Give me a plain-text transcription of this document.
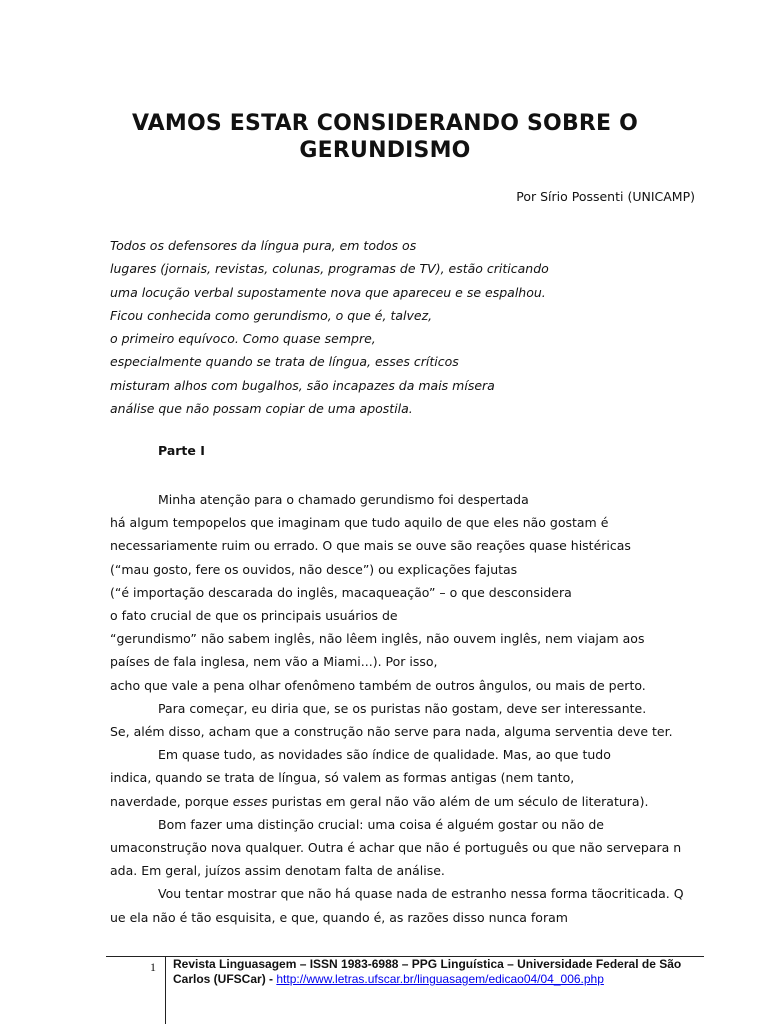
VAMOS ESTAR CONSIDERANDO SOBRE O GERUNDISMO
Por Sírio Possenti (UNICAMP)
Todos os defensores da língua pura, em todos os
lugares (jornais, revistas, colunas, programas de TV), estão criticando
uma locução verbal supostamente nova que apareceu e se espalhou.
Ficou conhecida como gerundismo, o que é, talvez,
o primeiro equívoco. Como quase sempre,
especialmente quando se trata de língua, esses críticos
misturam alhos com bugalhos, são incapazes da mais mísera
análise que não possam copiar de uma apostila.
Parte I
Minha atenção para o chamado gerundismo foi despertada
há algum tempopelos que imaginam que tudo aquilo de que eles não gostam é
necessariamente ruim ou errado. O que mais se ouve são reações quase histéricas
(“mau gosto, fere os ouvidos, não desce”) ou explicações fajutas
(“é importação descarada do inglês, macaqueação” – o que desconsidera
o fato crucial de que os principais usuários de
“gerundismo” não sabem inglês, não lêem inglês, não ouvem inglês, nem viajam aos
países de fala inglesa, nem vão a Miami...). Por isso,
acho que vale a pena olhar ofenômeno também de outros ângulos, ou mais de perto.
Para começar, eu diria que, se os puristas não gostam, deve ser interessante.
Se, além disso, acham que a construção não serve para nada, alguma serventia deve ter.
Em quase tudo, as novidades são índice de qualidade. Mas, ao que tudo
indica, quando se trata de língua, só valem as formas antigas (nem tanto,
naverdade, porque esses puristas em geral não vão além de um século de literatura).
Bom fazer uma distinção crucial: uma coisa é alguém gostar ou não de
umaconstrução nova qualquer. Outra é achar que não é português ou que não servepara n
ada. Em geral, juízos assim denotam falta de análise.
Vou tentar mostrar que não há quase nada de estranho nessa forma tãocriticada. Q
ue ela não é tão esquisita, e que, quando é, as razões disso nunca foram
1 Revista Linguasagem – ISSN 1983-6988 – PPG Linguística – Universidade Federal de São Carlos (UFSCar) - http://www.letras.ufscar.br/linguasagem/edicao04/04_006.php
